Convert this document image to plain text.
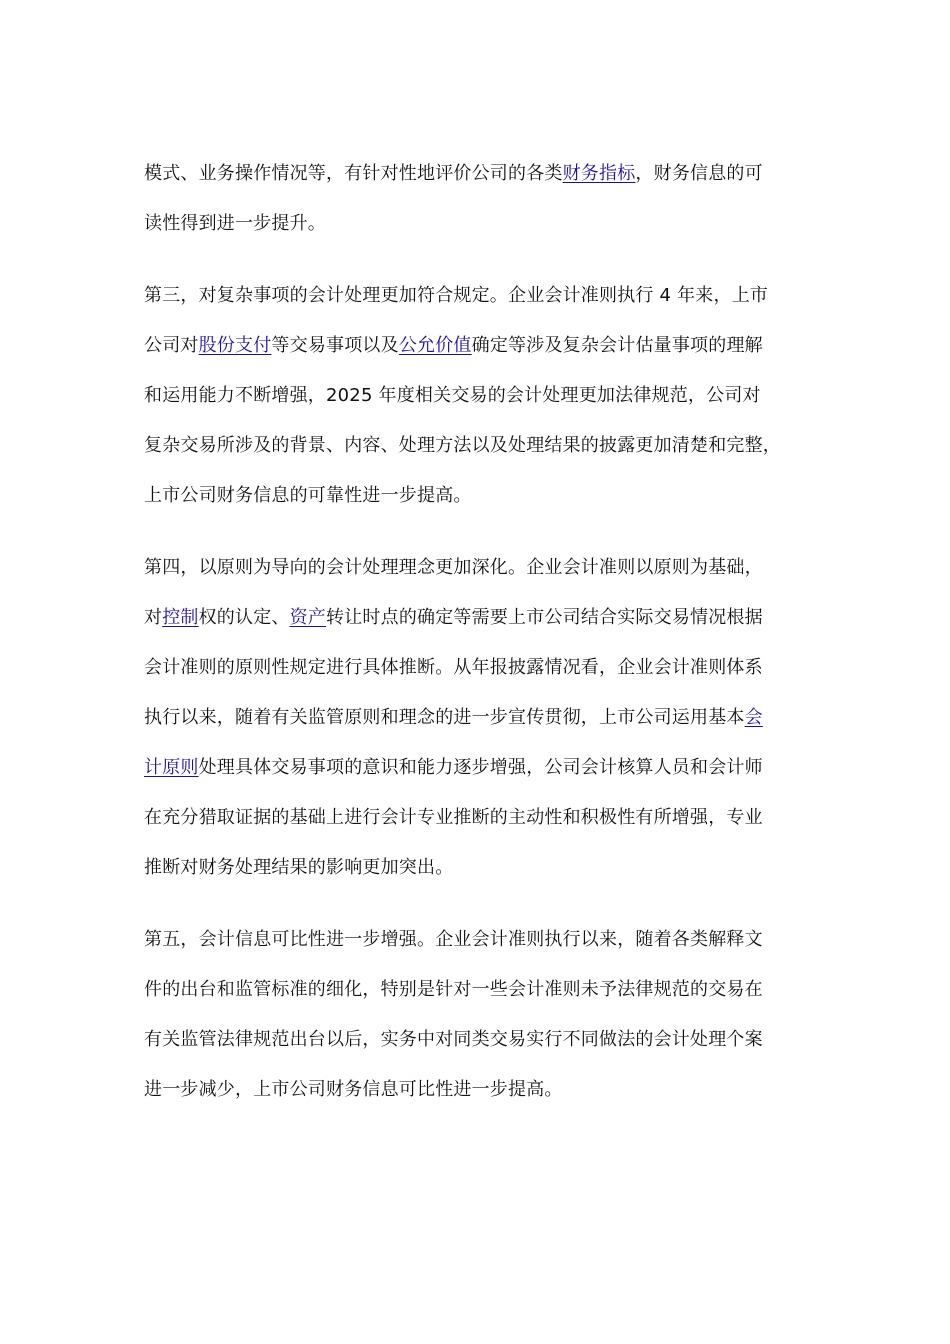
模式、业务操作情况等，有针对性地评价公司的各类财务指标，财务信息的可
读性得到进一步提升。
第三，对复杂事项的会计处理更加符合规定。企业会计准则执行 4 年来，上市
公司对股份支付等交易事项以及公允价值确定等涉及复杂会计估量事项的理解
和运用能力不断增强，2025 年度相关交易的会计处理更加法律规范，公司对
复杂交易所涉及的背景、内容、处理方法以及处理结果的披露更加清楚和完整，
上市公司财务信息的可靠性进一步提高。
第四，以原则为导向的会计处理理念更加深化。企业会计准则以原则为基础，
对控制权的认定、资产转让时点的确定等需要上市公司结合实际交易情况根据
会计准则的原则性规定进行具体推断。从年报披露情况看，企业会计准则体系
执行以来，随着有关监管原则和理念的进一步宣传贯彻，上市公司运用基本会
计原则处理具体交易事项的意识和能力逐步增强，公司会计核算人员和会计师
在充分猎取证据的基础上进行会计专业推断的主动性和积极性有所增强，专业
推断对财务处理结果的影响更加突出。
第五，会计信息可比性进一步增强。企业会计准则执行以来，随着各类解释文
件的出台和监管标准的细化，特别是针对一些会计准则未予法律规范的交易在
有关监管法律规范出台以后，实务中对同类交易实行不同做法的会计处理个案
进一步减少，上市公司财务信息可比性进一步提高。
